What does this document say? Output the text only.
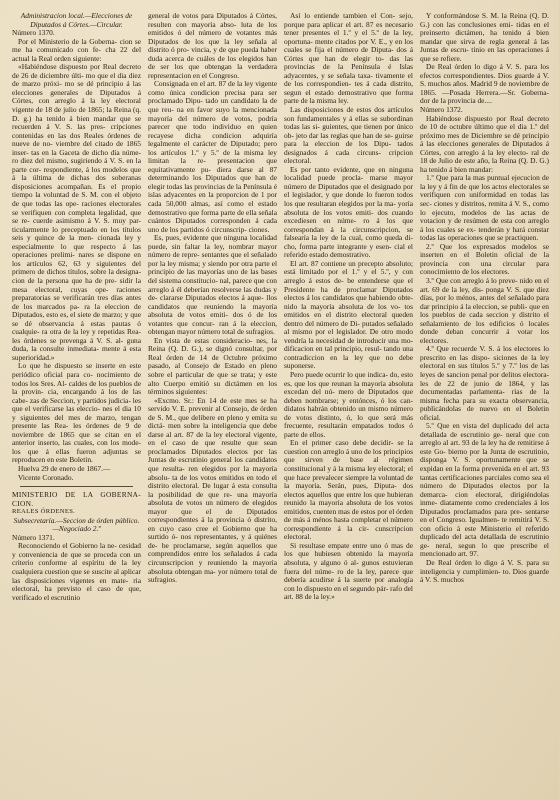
Administracion local.—Elecciones de Diputados á Córtes.—Circular.

Número 1370.

Por el Ministerio de la Goberna- cion se me ha comunicado con fe- cha 22 del actual la Real orden siguiente:

«Habiéndose dispuesto por Real decreto de 26 de diciembre últi- mo que el dia diez de marzo próxi- mo se dé principio á las elecciones generales de Diputados á Córtes, con arreglo á la ley electoral vigente de 18 de julio de 1865; la Reina (q. D. g.) ha tenido á bien mandar que se recuerden á V. S. las pres- cripciones contenidas en las dos Reales órdenes de nueve de no- viembre del citado de 1865 inser- tas en la Gaceta de dicho día núme- ro diez del mismo, sugiriendo á V. S. en la parte cor- respondiente, á los modelos que á la última de dichas dos soberanas disposiciones acompañan. Es el propio tiempo la voluntad de S. M. con el objeto de que todas las ope- raciones electorales se verifiquen con completa legalidad, que se re- cuerde asimismo á V. S. muy par- ticularmente lo preceptuado en los títulos seis y quince de la men- cionada ley y especialmente lo que respecto á las operaciones prelimi- nares se dispone en los artículos 62, 63 y siguientes del primero de dichos títulos, sobre la designa- cion de la persona que ha de pre- sidir la mesa electoral, cuyas ope- raciones preparatorias se verificarán tres días antes de los marcados pa- ra la eleccion de Diputados, esto es, el siete de marzo; y que se dé observancia á estas pautas ó cualquie- ra otra de la ley y repetidas Rea- les órdenes se prevenga á V. S. al- guna duda, la consulte inmediata- mente á esta superioridad.»

Lo que he dispuesto se inserte en este periódico oficial para co- nocimiento de todos los Sres. Al- caldes de los pueblos de la provin- cia, encargando á los de las cabe- zas de Seccion, y partidos judicia- les que el verificarse las eleccio- nes el dia 10 y siguientes del mes de marzo, tengan presente las Rea- les órdenes de 9 de noviembre de 1865 que se citan en el anterior inserto, las cuales, con los mode- los que á ellas fueron adjuntas se reproducen en este Boletin.

Huelva 29 de enero de 1867.—

Vicente Coronado.

MINISTERIO DE LA GOBERNA- CION.

REALES ÓRDENES.

Subsecretaría.—Seccion de órden público.—Negociado 2.º

Número 1371.

Reconociendo el Gobierno la ne- cesidad y conveniencia de que se proceda con un criterio conforme al espíritu de la ley cualquiera cuestion que se suscite al aplicar las disposiciones vigentes en mate- ria electoral, ha previsto el caso de que, verificado el escrutinio

general de votos para Diputados á Córtes, resulten con mayoría abso- luta de los emitidos ó del número de votantes más Diputados de los que la ley señala al distrito ó pro- vincia, y de que pueda haber duda acerca de cuáles de los elegidos han de ser los que obtengan la verdadera representacion en el Congreso.

Consignada en el art. 87 de la ley vigente como única condicion precisa para ser proclamado Dipu- tado un candidato la de que reu- na en favor suyo la mencionada mayoría del número de votos, podría parecer que todo individuo en quien recayese dicha condicion adquiría legalmente el carácter de Diputado; pero los artículos 1.º y 5.º de la misma ley limitan la re- presentacion que equitativamente pu- diera darse al 87 determinando los Diputados que han de elegir todas las provincias de la Península é islas adyacentes en la proporcion de 1 por cada 50,000 almas, así como el estado demostrativo que forma parte de ella señala cuántos Diputados corresponden á cada uno de los partidos ó circunscrip- ciones.

Es, pues, evidente que ninguna localidad puede, sin faltar la ley, nombrar mayor número de repre- sentantes que el señalado por la ley misma; y siendo por otra parte el principio de las mayorías uno de las bases del sistema constitucio- nal, parece que con arreglo á él deberían resolverse las dudas y de- clararse Diputados electos á aque- llos candidatos que reuniendo la mayoría absoluta de votos emiti- dos ó de los votantes que concur- ran á la eleccion, obtengan mayor número total de sufragios.

En vista de estas consideracio- nes, la Reina (Q. D. G.), se dignó consultar, por Real órden de 14 de Octubre próximo pasado, al Consejo de Estado en pleno sobre el particular de que se trata; y este alto Cuerpo emitió su dictámen en los términos siguientes:

«Excmo. Sr.: En 14 de este mes se ha servido V. E. prevenir al Consejo, de órden de S. M., que delibere en pleno y emita su dictá- men sobre la inteligencia que debe darse al art. 87 de la ley electoral vigente, en el caso de que resulte que sean proclamados Diputados electos por las Juntas de escrutinio general los candidatos que resulta- ren elegidos por la mayoría absolu- ta de los votos emitidos en todo el distrito electoral. De lugar á esta consulta la posibilidad de que re- una mayoría absoluta de votos un número de elegidos mayor que el de Diputados correspondientes á la provincia ó distrito, en cuyo caso cree el Gobierno que ha surtido ó- nos representantes, y á quiénes de- be proclamarse, según aquellos que comprendidos entre los señalados á cada circunscripcion y reuniendo la mayoría absoluta obtengan ma- yor número total de sufragios.

Así lo entiende tambien el Con- sejo, porque para aplicar el art. 87 es necesario tener presentes el 1.º y el 5.º de la ley, oportuna- mente citados por V. E., y en los cuales se fija el número de Diputa- dos á Córtes que han de elegir to- das las provincias de la Península é Islas adyacentes, y se señala taxa- tivamente el de los correspondien- tes á cada distrito, segun el estado demostrativo que forma parte de la misma ley.

Las disposiciones de estos dos artículos son fundamentales y á ellas se subordinan todas las si- guientes, que tienen por único ob- jeto dar las reglas que han de se- guirse para la eleccion de los Dipu- tados designados á cada circuns- cripcion electoral.

Es por tanto evidente, que en ninguna localidad puede procla- marse mayor número de Diputados que el designado por el legislador, y que donde lo fueron todos los que resultaran elegidos por la ma- yoría absoluta de los votos emiti- dos cuando excediesen en núme- ro á los que correspondan á la circunscripcion, se falsearía la ley de la cual, como queda di- cho, forma parte integrante y esen- cial el referido estado demostrativo.

El art. 87 contiene un precepto absoluto; está limitado por el 1.º y el 5.º, y con arreglo á estos de- be entenderse que el Presidente ha de proclamar Diputados electos á los candidatos que habiendo obte- nido la mayoría absoluta de los vo- tos emitidos en el distrito electoral queden dentro del número de Di- putados señalado al mismo por el legislador. De otro modo vendría la necesidad de introducir una mo- dificacion en tal principio, resul- tando una contradiccion en la ley que no debe suponerse.

Pero puede ocurrir lo que indica- do, esto es, que los que reunan la mayoría absoluta excedan del nú- mero de Diputados que deben nombrarse; y entónces, ó los can- didatos habrán obtenido un mismo número de votos distinto, ó, lo que será más frecuente, resultarán empatados todos ó parte de ellos.

En el primer caso debe decidir- se la cuestion con arreglo á uno de los principios que sirven de base al régimen constitucional y á la misma ley electoral; el que hace prevalecer siempre la voluntad de la mayoría. Serán, pues, Diputa- dos electos aquellos que entre los que hubieran reunido la mayoría absoluta de los votos emitidos, cuenten mas de estos por el órden de más á ménos hasta completar el número correspondiente á la cir- cunscripcion electoral.

Si resultase empate entre uno ó mas de los que hubiesen obtenido la mayoría absoluta, y alguno ó al- gunos estuvieran fuera del núme- ro de la ley, parece que debería acudirse á la suerte por analogía con lo dispuesto en el segundo pár- rafo del art. 88 de la ley.»

Y conformándose S. M. la Reina (Q. D. G.) con las conclusiones emi- tidas en el preinserto dictámen, ha tenido á bien mandar que sirva de regla general á las Juntas de escru- tinio en las operaciones á que se refiere.

De Real órden lo digo á V. S. para los efectos correspondientes. Dios guarde á V. S. muchos años. Madrid 9 de noviembre de 1865. —Posada Herrera.—Sr. Goberna- dor de la provincia de....

Número 1372.

Habiéndose dispuesto por Real decreto de 10 de octubre último que el dia 1.º del próximo mes de Diciembre se dé principio á las elecciones generales de Diputados á Córtes, con arreglo á la ley electo- ral de 18 de Julio de este año, la Reina (Q. D. G.) ha tenido á bien mandar:

1.º Que para la mas puntual ejecucion de la ley y á fin de que los actos electorales se verifiquen con uniformidad en todas las sec- ciones y distritos, remita á V. S., como lo ejecuto, modelos de las actas de votacion y de resúmen de esta con arreglo á los cuales se ex- tenderán y hará constar todas las operaciones que se practiquen.

2.º Que los expresados modelos se inserten en el Boletin oficial de la provincia con una circular para conocimiento de los electores.

3.º Que con arreglo á lo preve- nido en el art. 69 de la ley, dis- ponga V. S. que diez días, por lo ménos, antes del señalado para dar principio á la eleccion, se publi- que en los pueblos de cada seccion y distrito el señalamiento de los edificios ó locales donde deban concurrir á votar los electores.

4.º Que recuerde V. S. á los electores lo prescrito en las dispo- siciones de la ley electoral en sus títulos 5.º y 7.º los de las leyes de sancion penal por delitos electora- les de 22 de junio de 1864, y las documentadas parlamenta- rias de la misma fecha para su exacta observancia, publicándolas de nuevo en el Boletin oficial.

5.º Que en vista del duplicado del acta detallada de escrutinio ge- neral que con arreglo al art. 93 de la ley ha de remitirse á este Go- bierno por la Junta de escrutinio, disponga V. S. oportunamente que se expidan en la forma prevenida en el art. 93 tantas certificaciones parciales como sea el número de Diputados electos por la demarca- cion electoral, dirigiéndolas inme- diatamente como credenciales á los Diputados proclamados para pre- sentarse en el Congreso. Igualmen- te remitirá V. S. con oficio á este Ministerio el referido duplicado del acta detallada de escrutinio ge- neral, segun lo que prescribe el mencionado art. 97.

De Real órden lo digo á V. S. para su inteligencia y cumplimien- to. Dios guarde á V. S. muchos
